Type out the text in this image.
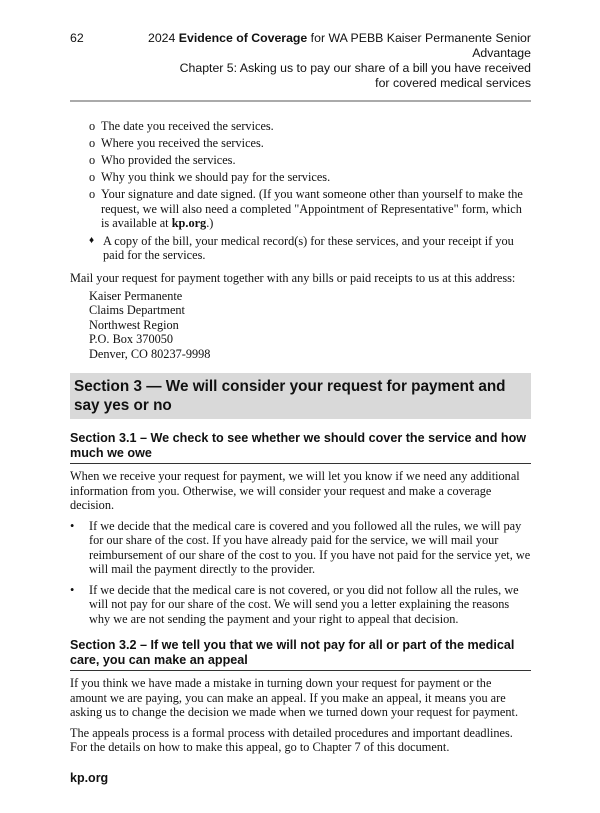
62	2024 Evidence of Coverage for WA PEBB Kaiser Permanente Senior Advantage
Chapter 5: Asking us to pay our share of a bill you have received
for covered medical services
o The date you received the services.
o Where you received the services.
o Who provided the services.
o Why you think we should pay for the services.
o Your signature and date signed. (If you want someone other than yourself to make the request, we will also need a completed "Appointment of Representative" form, which is available at kp.org.)
♦ A copy of the bill, your medical record(s) for these services, and your receipt if you paid for the services.

Mail your request for payment together with any bills or paid receipts to us at this address:

Kaiser Permanente
Claims Department
Northwest Region
P.O. Box 370050
Denver, CO 80237-9998
Section 3 — We will consider your request for payment and say yes or no
Section 3.1 – We check to see whether we should cover the service and how much we owe

When we receive your request for payment, we will let you know if we need any additional information from you. Otherwise, we will consider your request and make a coverage decision.

• If we decide that the medical care is covered and you followed all the rules, we will pay for our share of the cost. If you have already paid for the service, we will mail your reimbursement of our share of the cost to you. If you have not paid for the service yet, we will mail the payment directly to the provider.
• If we decide that the medical care is not covered, or you did not follow all the rules, we will not pay for our share of the cost. We will send you a letter explaining the reasons why we are not sending the payment and your right to appeal that decision.
Section 3.2 – If we tell you that we will not pay for all or part of the medical care, you can make an appeal

If you think we have made a mistake in turning down your request for payment or the amount we are paying, you can make an appeal. If you make an appeal, it means you are asking us to change the decision we made when we turned down your request for payment.

The appeals process is a formal process with detailed procedures and important deadlines. For the details on how to make this appeal, go to Chapter 7 of this document.

kp.org
